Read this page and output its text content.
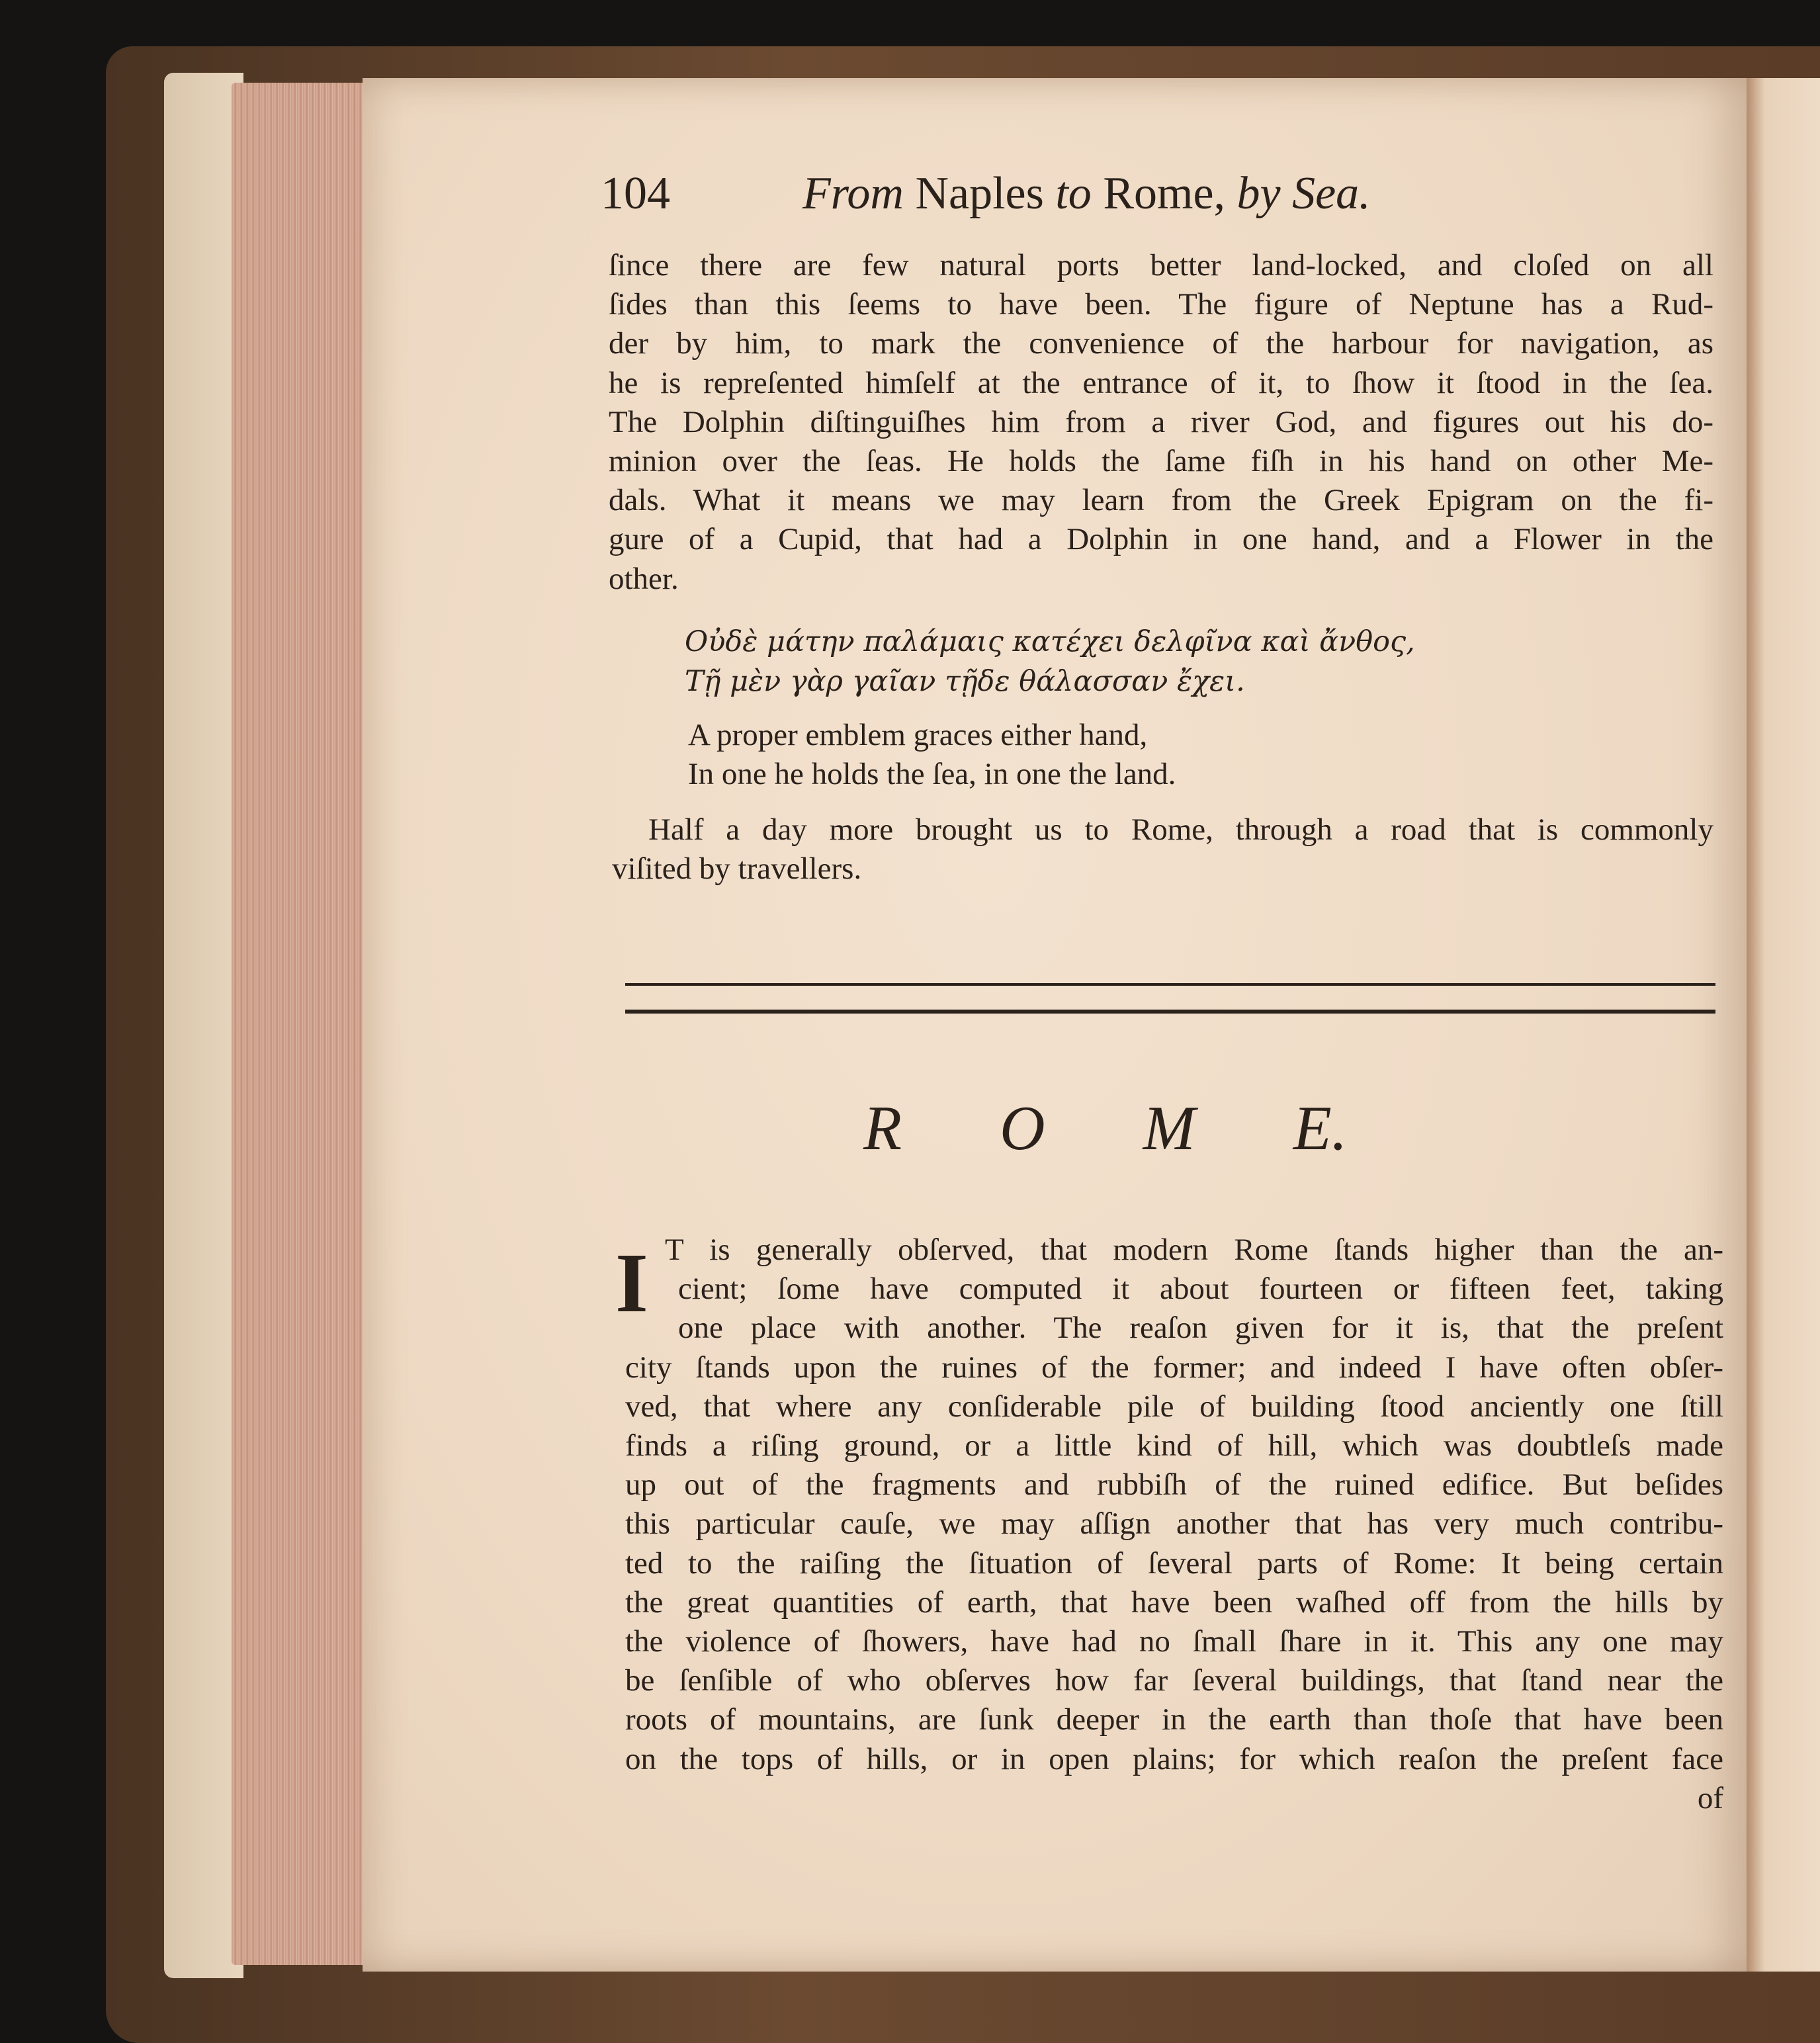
104	From Naples to Rome, by Sea.
ſince there are few natural ports better land-locked, and cloſed on all
ſides than this ſeems to have been. The figure of Neptune has a Rud-
der by him, to mark the convenience of the harbour for navigation, as
he is repreſented himſelf at the entrance of it, to ſhow it ſtood in the ſea.
The Dolphin diſtinguiſhes him from a river God, and figures out his do-
minion over the ſeas. He holds the ſame fiſh in his hand on other Me-
dals. What it means we may learn from the Greek Epigram on the fi-
gure of a Cupid, that had a Dolphin in one hand, and a Flower in the
other.
Οὐδὲ μάτην παλάμαις κατέχει δελφῖνα καὶ ἄνθος,
Τῇ μὲν γὰρ γαῖαν τῇδε θάλασσαν ἔχει.
A proper emblem graces either hand,
In one he holds the ſea, in one the land.
Half a day more brought us to Rome, through a road that is commonly
viſited by travellers.
R O M E.
I T is generally obſerved, that modern Rome ſtands higher than the an-
cient; ſome have computed it about fourteen or fifteen feet, taking
one place with another. The reaſon given for it is, that the preſent
city ſtands upon the ruines of the former; and indeed I have often obſer-
ved, that where any conſiderable pile of building ſtood anciently one ſtill
finds a riſing ground, or a little kind of hill, which was doubtleſs made
up out of the fragments and rubbiſh of the ruined edifice. But beſides
this particular cauſe, we may aſſign another that has very much contribu-
ted to the raiſing the ſituation of ſeveral parts of Rome: It being certain
the great quantities of earth, that have been waſhed off from the hills by
the violence of ſhowers, have had no ſmall ſhare in it. This any one may
be ſenſible of who obſerves how far ſeveral buildings, that ſtand near the
roots of mountains, are ſunk deeper in the earth than thoſe that have been
on the tops of hills, or in open plains; for which reaſon the preſent face
of
